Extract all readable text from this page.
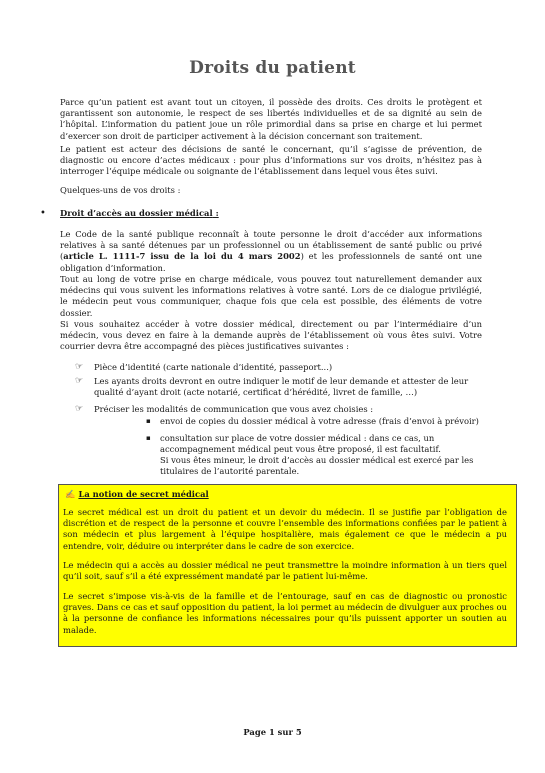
Droits du patient

Parce qu’un patient est avant tout un citoyen, il possède des droits. Ces droits le protègent et garantissent son autonomie, le respect de ses libertés individuelles et de sa dignité au sein de l’hôpital. L’information du patient joue un rôle primordial dans sa prise en charge et lui permet d’exercer son droit de participer activement à la décision concernant son traitement.

Le patient est acteur des décisions de santé le concernant, qu’il s’agisse de prévention, de diagnostic ou encore d’actes médicaux : pour plus d’informations sur vos droits, n’hésitez pas à interroger l’équipe médicale ou soignante de l’établissement dans lequel vous êtes suivi.

Quelques-uns de vos droits :

• Droit d’accès au dossier médical :

Le Code de la santé publique reconnaît à toute personne le droit d’accéder aux informations relatives à sa santé détenues par un professionnel ou un établissement de santé public ou privé (article L. 1111-7 issu de la loi du 4 mars 2002) et les professionnels de santé ont une obligation d’information.

Tout au long de votre prise en charge médicale, vous pouvez tout naturellement demander aux médecins qui vous suivent les informations relatives à votre santé. Lors de ce dialogue privilégié, le médecin peut vous communiquer, chaque fois que cela est possible, des éléments de votre dossier.

Si vous souhaitez accéder à votre dossier médical, directement ou par l’intermédiaire d’un médecin, vous devez en faire à la demande auprès de l’établissement où vous êtes suivi. Votre courrier devra être accompagné des pièces justificatives suivantes :

☞ Pièce d’identité (carte nationale d’identité, passeport...)

☞ Les ayants droits devront en outre indiquer le motif de leur demande et attester de leur qualité d’ayant droit (acte notarié, certificat d’hérédité, livret de famille, …)

☞ Préciser les modalités de communication que vous avez choisies :

▪ envoi de copies du dossier médical à votre adresse (frais d’envoi à prévoir)

▪ consultation sur place de votre dossier médical : dans ce cas, un accompagnement médical peut vous être proposé, il est facultatif.

Si vous êtes mineur, le droit d’accès au dossier médical est exercé par les titulaires de l’autorité parentale.

✍ La notion de secret médical

Le secret médical est un droit du patient et un devoir du médecin. Il se justifie par l’obligation de discrétion et de respect de la personne et couvre l’ensemble des informations confiées par le patient à son médecin et plus largement à l’équipe hospitalière, mais également ce que le médecin a pu entendre, voir, déduire ou interpréter dans le cadre de son exercice.

Le médecin qui a accès au dossier médical ne peut transmettre la moindre information à un tiers quel qu’il soit, sauf s’il a été expressément mandaté par le patient lui-même.

Le secret s’impose vis-à-vis de la famille et de l’entourage, sauf en cas de diagnostic ou pronostic graves. Dans ce cas et sauf opposition du patient, la loi permet au médecin de divulguer aux proches ou à la personne de confiance les informations nécessaires pour qu’ils puissent apporter un soutien au malade.

Page 1 sur 5
